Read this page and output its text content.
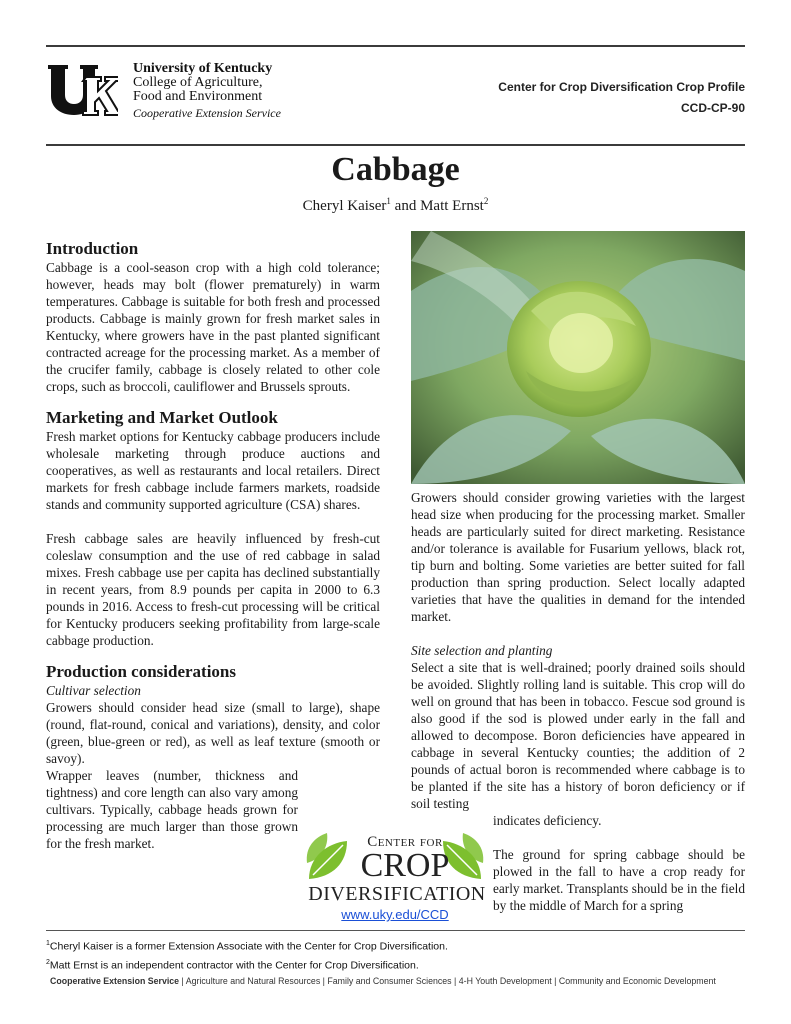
University of Kentucky
College of Agriculture,
Food and Environment
Cooperative Extension Service
Center for Crop Diversification Crop Profile
CCD-CP-90
Cabbage
Cheryl Kaiser$^1$ and Matt Ernst$^2$
Introduction

Cabbage is a cool-season crop with a high cold tolerance; however, heads may bolt (flower prematurely) in warm temperatures. Cabbage is suitable for both fresh and processed products. Cabbage is mainly grown for fresh market sales in Kentucky, where growers have in the past planted significant contracted acreage for the processing market. As a member of the crucifer family, cabbage is closely related to other cole crops, such as broccoli, cauliflower and Brussels sprouts.

Marketing and Market Outlook

Fresh market options for Kentucky cabbage producers include wholesale marketing through produce auctions and cooperatives, as well as restaurants and local retailers. Direct markets for fresh cabbage include farmers markets, roadside stands and community supported agriculture (CSA) shares.

Fresh cabbage sales are heavily influenced by fresh-cut coleslaw consumption and the use of red cabbage in salad mixes. Fresh cabbage use per capita has declined substantially in recent years, from 8.9 pounds per capita in 2000 to 6.3 pounds in 2016. Access to fresh-cut processing will be critical for Kentucky producers seeking profitability from large-scale cabbage production.

Production considerations

Cultivar selection

Growers should consider head size (small to large), shape (round, flat-round, conical and variations), density, and color (green, blue-green or red), as well as leaf texture (smooth or savoy).

Wrapper leaves (number, thickness and tightness) and core length can also vary among cultivars. Typically, cabbage heads grown for processing are much larger than those grown for the fresh market.

Growers should consider growing varieties with the largest head size when producing for the processing market. Smaller heads are particularly suited for direct marketing. Resistance and/or tolerance is available for Fusarium yellows, black rot, tip burn and bolting. Some varieties are better suited for fall production than spring production. Select locally adapted varieties that have the qualities in demand for the intended market.

Site selection and planting

Select a site that is well-drained; poorly drained soils should be avoided. Slightly rolling land is suitable. This crop will do well on ground that has been in tobacco. Fescue sod ground is also good if the sod is plowed under early in the fall and allowed to decompose. Boron deficiencies have appeared in cabbage in several Kentucky counties; the addition of 2 pounds of actual boron is recommended where cabbage is to be planted if the site has a history of boron deficiency or if soil testing

indicates deficiency.

The ground for spring cabbage should be plowed in the fall to have a crop ready for early market. Transplants should be in the field by the middle of March for a spring

Center for
CROP
DIVERSIFICATION
www.uky.edu/CCD
$^1$Cheryl Kaiser is a former Extension Associate with the Center for Crop Diversification.
$^2$Matt Ernst is an independent contractor with the Center for Crop Diversification.
Cooperative Extension Service | Agriculture and Natural Resources | Family and Consumer Sciences | 4-H Youth Development | Community and Economic Development
